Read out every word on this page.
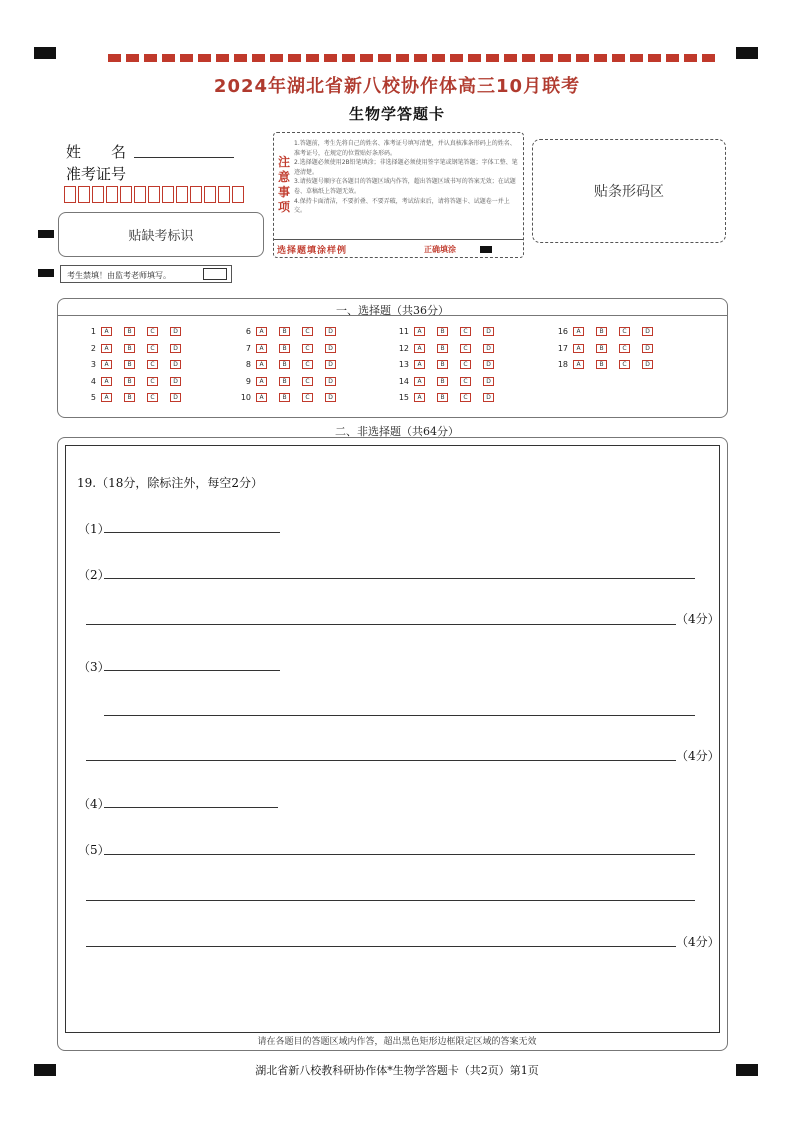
2024年湖北省新八校协作体高三10月联考
生物学答题卡
姓　　名
准考证号
贴缺考标识
注意事项
1.答题前，考生先将自己的姓名、准考证号填写清楚，并认真核准条形码上的姓名、准考证号，在规定的位置贴好条形码。
2.选择题必须使用2B铅笔填涂；非选择题必须使用签字笔或钢笔答题；字体工整、笔迹清楚。
3.请按题号顺序在各题目的答题区域内作答，超出答题区域书写的答案无效；在试题卷、草稿纸上答题无效。
4.保持卡面清洁，不要折叠、不要弄破，考试结束后，请将答题卡、试题卷一并上交。
选择题填涂样例	正确填涂
贴条形码区
考生禁填！由监考老师填写。
一、选择题（共36分）
1	A	B	C	D
2	A	B	C	D
3	A	B	C	D
4	A	B	C	D
5	A	B	C	D
6	A	B	C	D
7	A	B	C	D
8	A	B	C	D
9	A	B	C	D
10	A	B	C	D
11	A	B	C	D
12	A	B	C	D
13	A	B	C	D
14	A	B	C	D
15	A	B	C	D
16	A	B	C	D
17	A	B	C	D
18	A	B	C	D
二、非选择题（共64分）
19.（18分，除标注外，每空2分）
（1）
（2）
（4分）
（3）
（4分）
（4）
（5）
（4分）
请在各题目的答题区域内作答，超出黑色矩形边框限定区域的答案无效
湖北省新八校教科研协作体*生物学答题卡（共2页）第1页
